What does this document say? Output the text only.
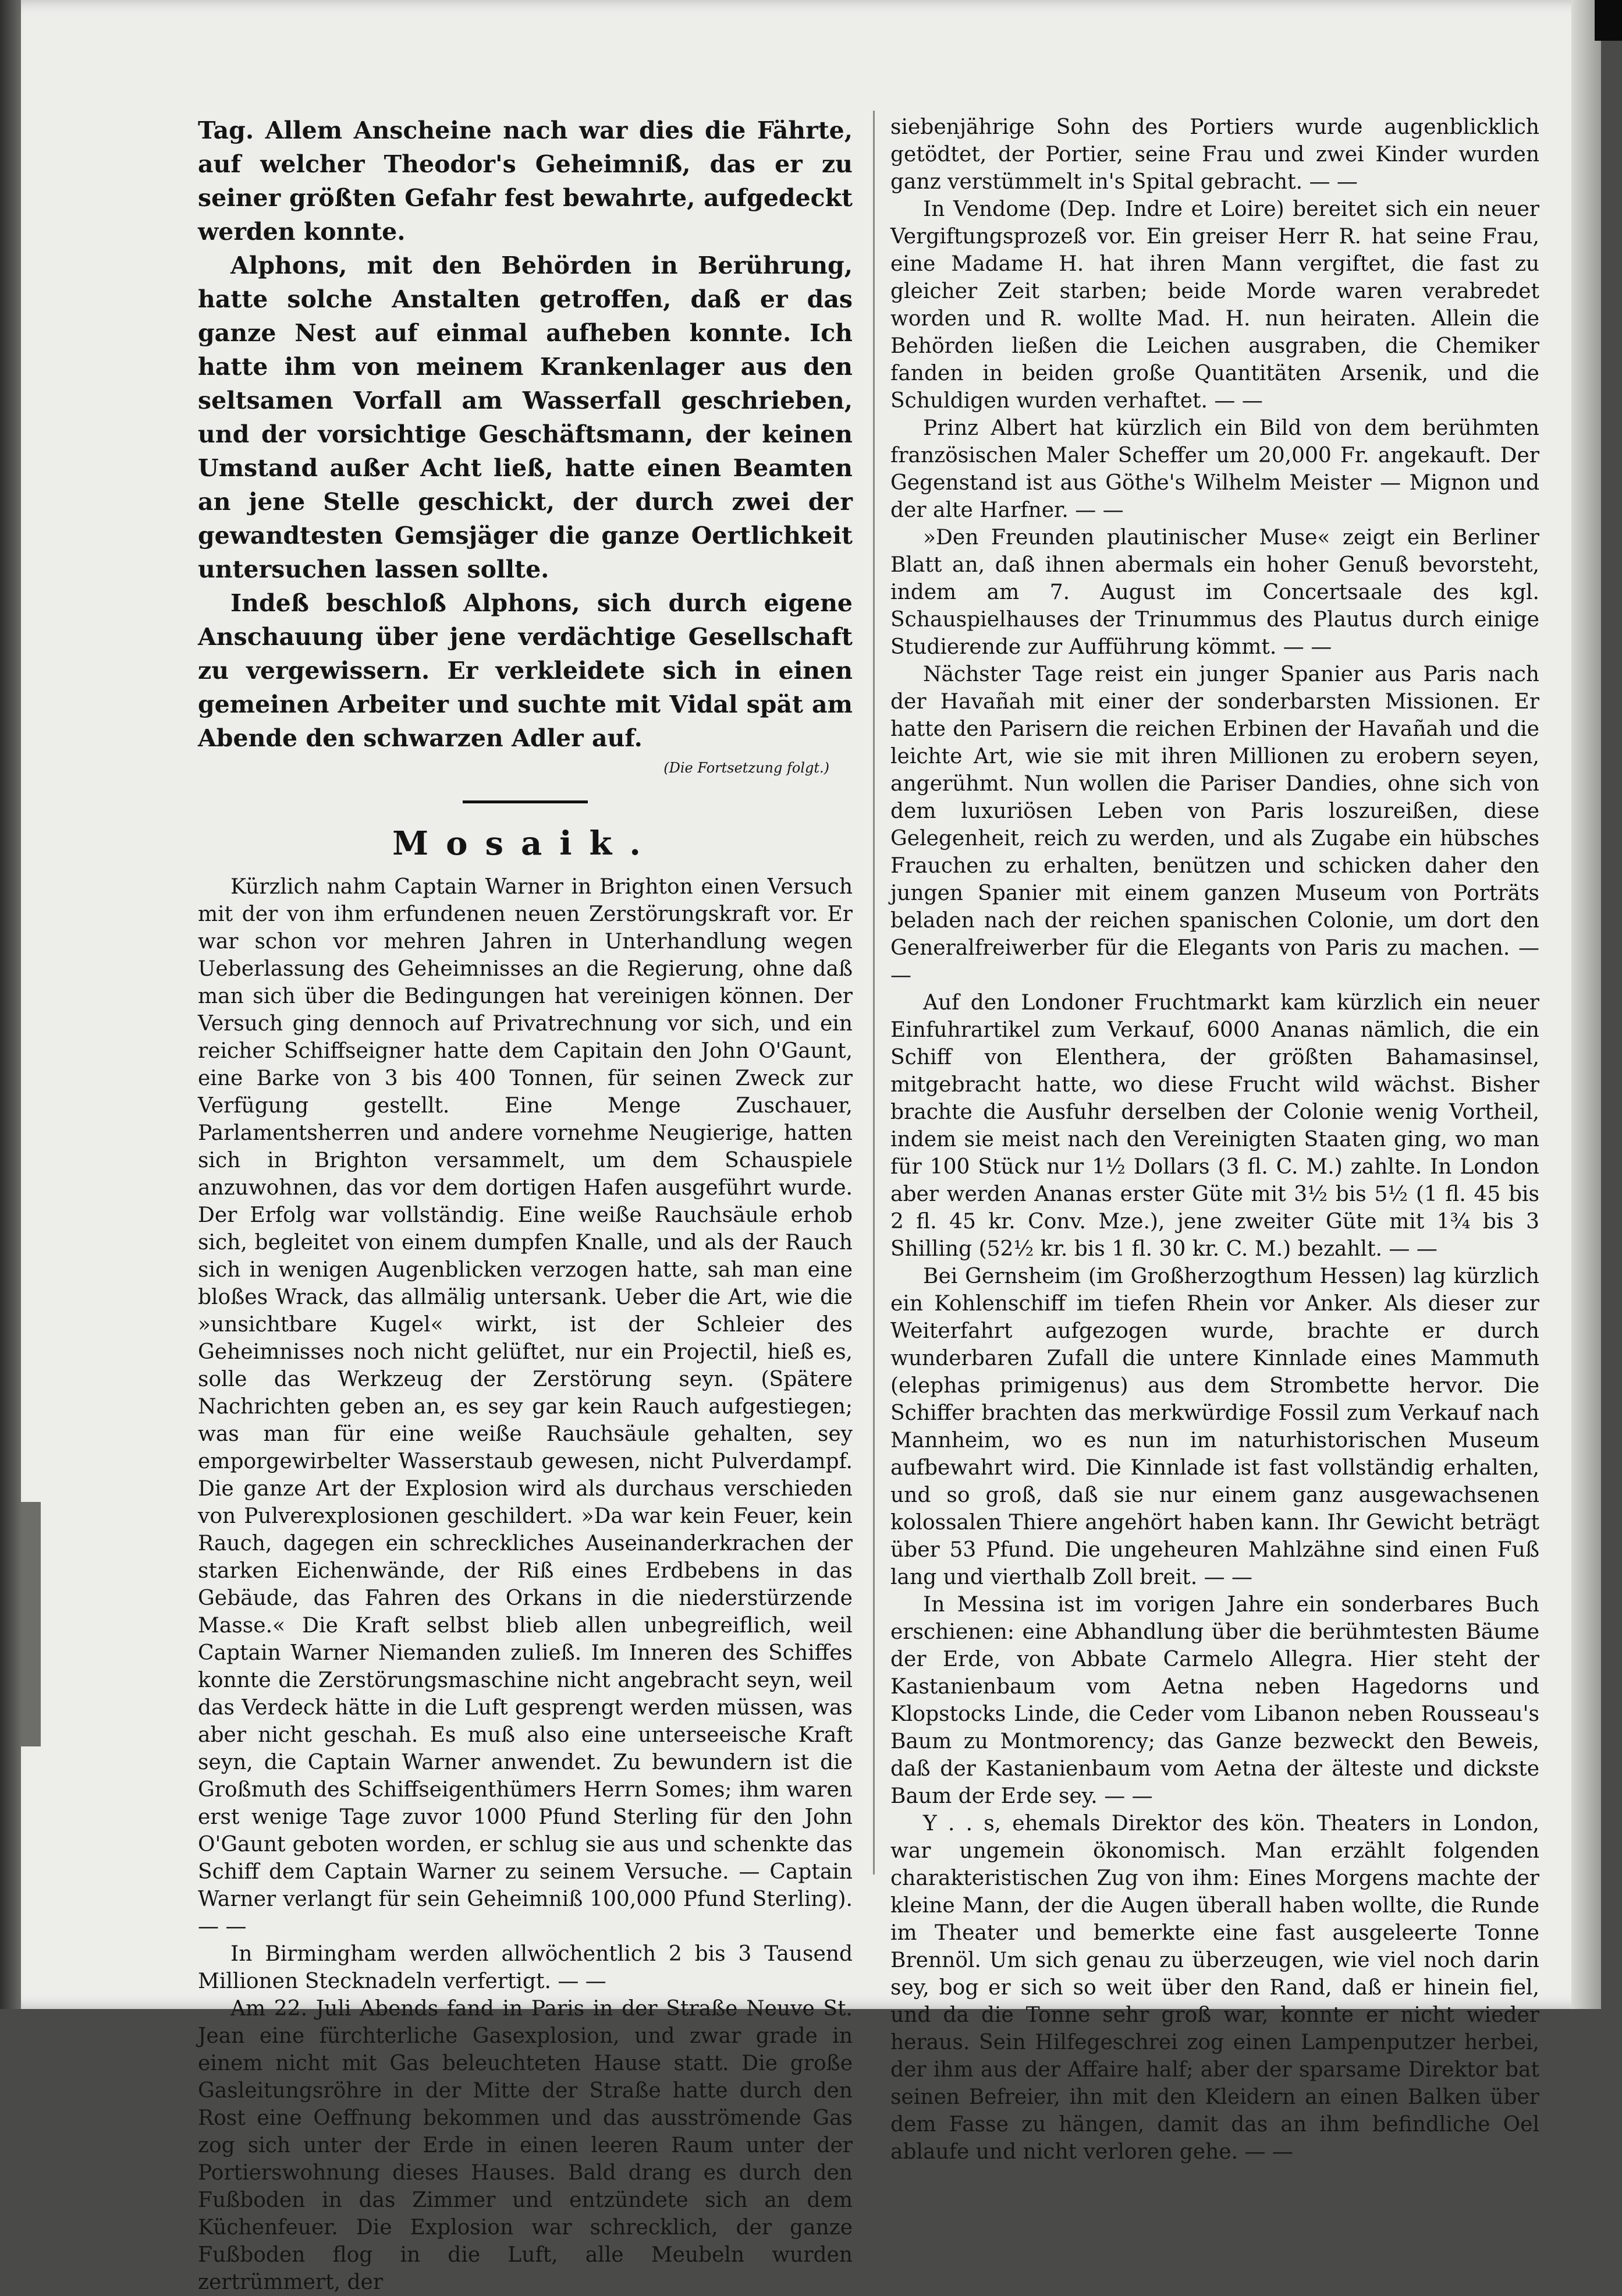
Tag. Allem Anscheine nach war dies die Fährte, auf welcher Theodor's Geheimniß, das er zu seiner größten Gefahr fest bewahrte, aufgedeckt werden konnte.

Alphons, mit den Behörden in Berührung, hatte solche Anstalten getroffen, daß er das ganze Nest auf einmal aufheben konnte. Ich hatte ihm von meinem Krankenlager aus den seltsamen Vorfall am Wasserfall geschrieben, und der vorsichtige Geschäftsmann, der keinen Umstand außer Acht ließ, hatte einen Beamten an jene Stelle geschickt, der durch zwei der gewandtesten Gemsjäger die ganze Oertlichkeit untersuchen lassen sollte.

Indeß beschloß Alphons, sich durch eigene Anschauung über jene verdächtige Gesellschaft zu vergewissern. Er verkleidete sich in einen gemeinen Arbeiter und suchte mit Vidal spät am Abende den schwarzen Adler auf.

(Die Fortsetzung folgt.)
Mosaik.

Kürzlich nahm Captain Warner in Brighton einen Versuch mit der von ihm erfundenen neuen Zerstörungskraft vor. Er war schon vor mehren Jahren in Unterhandlung wegen Ueberlassung des Geheimnisses an die Regierung, ohne daß man sich über die Bedingungen hat vereinigen können. Der Versuch ging dennoch auf Privatrechnung vor sich, und ein reicher Schiffseigner hatte dem Capitain den John O'Gaunt, eine Barke von 3 bis 400 Tonnen, für seinen Zweck zur Verfügung gestellt. Eine Menge Zuschauer, Parlamentsherren und andere vornehme Neugierige, hatten sich in Brighton versammelt, um dem Schauspiele anzuwohnen, das vor dem dortigen Hafen ausgeführt wurde. Der Erfolg war vollständig. Eine weiße Rauchsäule erhob sich, begleitet von einem dumpfen Knalle, und als der Rauch sich in wenigen Augenblicken verzogen hatte, sah man eine bloßes Wrack, das allmälig untersank. Ueber die Art, wie die »unsichtbare Kugel« wirkt, ist der Schleier des Geheimnisses noch nicht gelüftet, nur ein Projectil, hieß es, solle das Werkzeug der Zerstörung seyn. (Spätere Nachrichten geben an, es sey gar kein Rauch aufgestiegen; was man für eine weiße Rauchsäule gehalten, sey emporgewirbelter Wasserstaub gewesen, nicht Pulverdampf. Die ganze Art der Explosion wird als durchaus verschieden von Pulverexplosionen geschildert. »Da war kein Feuer, kein Rauch, dagegen ein schreckliches Auseinanderkrachen der starken Eichenwände, der Riß eines Erdbebens in das Gebäude, das Fahren des Orkans in die niederstürzende Masse.« Die Kraft selbst blieb allen unbegreiflich, weil Captain Warner Niemanden zuließ. Im Inneren des Schiffes konnte die Zerstörungsmaschine nicht angebracht seyn, weil das Verdeck hätte in die Luft gesprengt werden müssen, was aber nicht geschah. Es muß also eine unterseeische Kraft seyn, die Captain Warner anwendet. Zu bewundern ist die Großmuth des Schiffseigenthümers Herrn Somes; ihm waren erst wenige Tage zuvor 1000 Pfund Sterling für den John O'Gaunt geboten worden, er schlug sie aus und schenkte das Schiff dem Captain Warner zu seinem Versuche. — Captain Warner verlangt für sein Geheimniß 100,000 Pfund Sterling). — —

In Birmingham werden allwöchentlich 2 bis 3 Tausend Millionen Stecknadeln verfertigt. — —

Am 22. Juli Abends fand in Paris in der Straße Neuve St. Jean eine fürchterliche Gasexplosion, und zwar grade in einem nicht mit Gas beleuchteten Hause statt. Die große Gasleitungsröhre in der Mitte der Straße hatte durch den Rost eine Oeffnung bekommen und das ausströmende Gas zog sich unter der Erde in einen leeren Raum unter der Portierswohnung dieses Hauses. Bald drang es durch den Fußboden in das Zimmer und entzündete sich an dem Küchenfeuer. Die Explosion war schrecklich, der ganze Fußboden flog in die Luft, alle Meubeln wurden zertrümmert, der

siebenjährige Sohn des Portiers wurde augenblicklich getödtet, der Portier, seine Frau und zwei Kinder wurden ganz verstümmelt in's Spital gebracht. — —

In Vendome (Dep. Indre et Loire) bereitet sich ein neuer Vergiftungsprozeß vor. Ein greiser Herr R. hat seine Frau, eine Madame H. hat ihren Mann vergiftet, die fast zu gleicher Zeit starben; beide Morde waren verabredet worden und R. wollte Mad. H. nun heiraten. Allein die Behörden ließen die Leichen ausgraben, die Chemiker fanden in beiden große Quantitäten Arsenik, und die Schuldigen wurden verhaftet. — —

Prinz Albert hat kürzlich ein Bild von dem berühmten französischen Maler Scheffer um 20,000 Fr. angekauft. Der Gegenstand ist aus Göthe's Wilhelm Meister — Mignon und der alte Harfner. — —

»Den Freunden plautinischer Muse« zeigt ein Berliner Blatt an, daß ihnen abermals ein hoher Genuß bevorsteht, indem am 7. August im Concertsaale des kgl. Schauspielhauses der Trinummus des Plautus durch einige Studierende zur Aufführung kömmt. — —

Nächster Tage reist ein junger Spanier aus Paris nach der Havañah mit einer der sonderbarsten Missionen. Er hatte den Parisern die reichen Erbinen der Havañah und die leichte Art, wie sie mit ihren Millionen zu erobern seyen, angerühmt. Nun wollen die Pariser Dandies, ohne sich von dem luxuriösen Leben von Paris loszureißen, diese Gelegenheit, reich zu werden, und als Zugabe ein hübsches Frauchen zu erhalten, benützen und schicken daher den jungen Spanier mit einem ganzen Museum von Porträts beladen nach der reichen spanischen Colonie, um dort den Generalfreiwerber für die Elegants von Paris zu machen. — —

Auf den Londoner Fruchtmarkt kam kürzlich ein neuer Einfuhrartikel zum Verkauf, 6000 Ananas nämlich, die ein Schiff von Elenthera, der größten Bahamasinsel, mitgebracht hatte, wo diese Frucht wild wächst. Bisher brachte die Ausfuhr derselben der Colonie wenig Vortheil, indem sie meist nach den Vereinigten Staaten ging, wo man für 100 Stück nur 1½ Dollars (3 fl. C. M.) zahlte. In London aber werden Ananas erster Güte mit 3½ bis 5½ (1 fl. 45 bis 2 fl. 45 kr. Conv. Mze.), jene zweiter Güte mit 1¾ bis 3 Shilling (52½ kr. bis 1 fl. 30 kr. C. M.) bezahlt. — —

Bei Gernsheim (im Großherzogthum Hessen) lag kürzlich ein Kohlenschiff im tiefen Rhein vor Anker. Als dieser zur Weiterfahrt aufgezogen wurde, brachte er durch wunderbaren Zufall die untere Kinnlade eines Mammuth (elephas primigenus) aus dem Strombette hervor. Die Schiffer brachten das merkwürdige Fossil zum Verkauf nach Mannheim, wo es nun im naturhistorischen Museum aufbewahrt wird. Die Kinnlade ist fast vollständig erhalten, und so groß, daß sie nur einem ganz ausgewachsenen kolossalen Thiere angehört haben kann. Ihr Gewicht beträgt über 53 Pfund. Die ungeheuren Mahlzähne sind einen Fuß lang und vierthalb Zoll breit. — —

In Messina ist im vorigen Jahre ein sonderbares Buch erschienen: eine Abhandlung über die berühmtesten Bäume der Erde, von Abbate Carmelo Allegra. Hier steht der Kastanienbaum vom Aetna neben Hagedorns und Klopstocks Linde, die Ceder vom Libanon neben Rousseau's Baum zu Montmorency; das Ganze bezweckt den Beweis, daß der Kastanienbaum vom Aetna der älteste und dickste Baum der Erde sey. — —

Y . . s, ehemals Direktor des kön. Theaters in London, war ungemein ökonomisch. Man erzählt folgenden charakteristischen Zug von ihm: Eines Morgens machte der kleine Mann, der die Augen überall haben wollte, die Runde im Theater und bemerkte eine fast ausgeleerte Tonne Brennöl. Um sich genau zu überzeugen, wie viel noch darin sey, bog er sich so weit über den Rand, daß er hinein fiel, und da die Tonne sehr groß war, konnte er nicht wieder heraus. Sein Hilfegeschrei zog einen Lampenputzer herbei, der ihm aus der Affaire half; aber der sparsame Direktor bat seinen Befreier, ihn mit den Kleidern an einen Balken über dem Fasse zu hängen, damit das an ihm befindliche Oel ablaufe und nicht verloren gehe. — —
